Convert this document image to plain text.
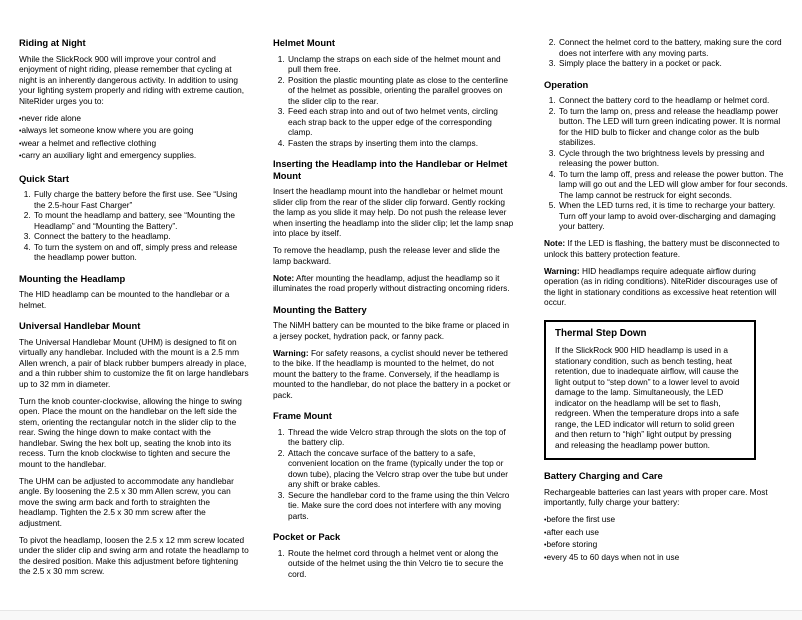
Riding at Night

While the SlickRock 900 will improve your control and enjoyment of night riding, please remember that cycling at night is an inherently dangerous activity. In addition to using your lighting system properly and riding with extreme caution, NiteRider urges you to:

• never ride alone
• always let someone know where you are going
• wear a helmet and reflective clothing
• carry an auxiliary light and emergency supplies.
Quick Start
1. Fully charge the battery before the first use. See “Using the 2.5-hour Fast Charger”
2. To mount the headlamp and battery, see “Mounting the Headlamp” and “Mounting the Battery”.
3. Connect the battery to the headlamp.
4. To turn the system on and off, simply press and release the headlamp power button.
Mounting the Headlamp

The HID headlamp can be mounted to the handlebar or a helmet.

Universal Handlebar Mount

The Universal Handlebar Mount (UHM) is designed to fit on virtually any handlebar. Included with the mount is a 2.5 mm Allen wrench, a pair of black rubber bumpers already in place, and a thin rubber shim to customize the fit on large handlebars up to 32 mm in diameter.

Turn the knob counter-clockwise, allowing the hinge to swing open. Place the mount on the handlebar on the left side the stem, orienting the rectangular notch in the slider clip to the rear. Swing the hinge down to make contact with the handlebar. Swing the hex bolt up, seating the knob into its recess. Turn the knob clockwise to tighten and secure the mount to the handlebar.

The UHM can be adjusted to accommodate any handlebar angle. By loosening the 2.5 x 30 mm Allen screw, you can move the swing arm back and forth to straighten the headlamp. Tighten the 2.5 x 30 mm screw after the adjustment.

To pivot the headlamp, loosen the 2.5 x 12 mm screw located under the slider clip and swing arm and rotate the headlamp to the desired position. Make this adjustment before tightening the 2.5 x 30 mm screw.

Helmet Mount
1. Unclamp the straps on each side of the helmet mount and pull them free.
2. Position the plastic mounting plate as close to the centerline of the helmet as possible, orienting the parallel grooves on the slider clip to the rear.
3. Feed each strap into and out of two helmet vents, circling each strap back to the upper edge of the corresponding clamp.
4. Fasten the straps by inserting them into the clamps.
Inserting the Headlamp into the Handlebar or Helmet Mount

Insert the headlamp mount into the handlebar or helmet mount slider clip from the rear of the slider clip forward. Gently rocking the lamp as you slide it may help. Do not push the release lever when inserting the headlamp into the slider clip; let the lamp snap into place by itself.

To remove the headlamp, push the release lever and slide the lamp backward.

Note: After mounting the headlamp, adjust the headlamp so it illuminates the road properly without distracting oncoming riders.

Mounting the Battery

The NiMH battery can be mounted to the bike frame or placed in a jersey pocket, hydration pack, or fanny pack.

Warning: For safety reasons, a cyclist should never be tethered to the bike. If the headlamp is mounted to the helmet, do not mount the battery to the frame. Conversely, if the headlamp is mounted to the handlebar, do not place the battery in a pocket or pack.

Frame Mount
1. Thread the wide Velcro strap through the slots on the top of the battery clip.
2. Attach the concave surface of the battery to a safe, convenient location on the frame (typically under the top or down tube), placing the Velcro strap over the tube but under any shift or brake cables.
3. Secure the handlebar cord to the frame using the thin Velcro tie. Make sure the cord does not interfere with any moving parts.
Pocket or Pack
1. Route the helmet cord through a helmet vent or along the outside of the helmet using the thin Velcro tie to secure the cord.
2. Connect the helmet cord to the battery, making sure the cord does not interfere with any moving parts.
3. Simply place the battery in a pocket or pack.
Operation
1. Connect the battery cord to the headlamp or helmet cord.
2. To turn the lamp on, press and release the headlamp power button. The LED will turn green indicating power. It is normal for the HID bulb to flicker and change color as the bulb stabilizes.
3. Cycle through the two brightness levels by pressing and releasing the power button.
4. To turn the lamp off, press and release the power button. The lamp will go out and the LED will glow amber for four seconds. The lamp cannot be restruck for eight seconds.
5. When the LED turns red, it is time to recharge your battery. Turn off your lamp to avoid over-discharging and damaging your battery.

Note: If the LED is flashing, the battery must be disconnected to unlock this battery protection feature.

Warning: HID headlamps require adequate airflow during operation (as in riding conditions). NiteRider discourages use of the light in stationary conditions as excessive heat retention will occur.

Thermal Step Down

If the SlickRock 900 HID headlamp is used in a stationary condition, such as bench testing, heat retention, due to inadequate airflow, will cause the light output to “step down” to a lower level to avoid damage to the lamp. Simultaneously, the LED indicator on the headlamp will be set to flash, redgreen. When the temperature drops into a safe range, the LED indicator will return to solid green and then return to “high” light output by pressing and releasing the headlamp power button.

Battery Charging and Care

Rechargeable batteries can last years with proper care. Most importantly, fully charge your battery:

• before the first use
• after each use
• before storing
• every 45 to 60 days when not in use
